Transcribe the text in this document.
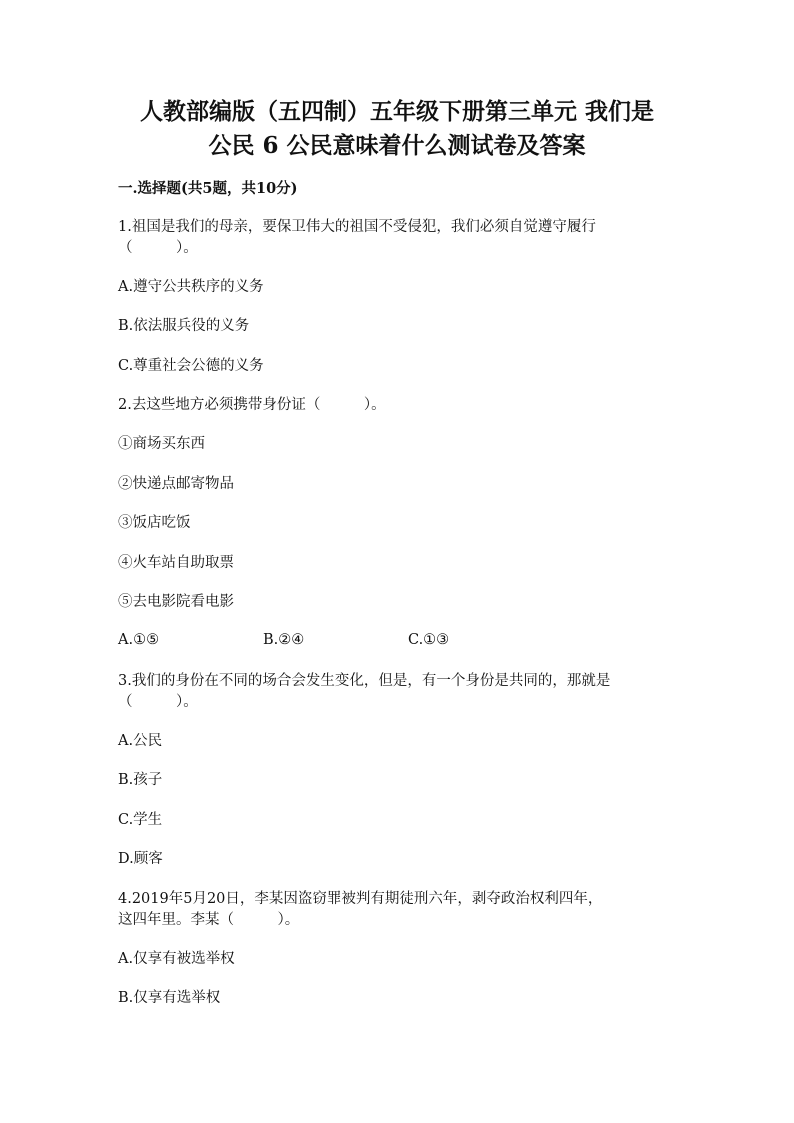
人教部编版（五四制）五年级下册第三单元 我们是
公民 6 公民意味着什么测试卷及答案

一.选择题(共5题，共10分)

1.祖国是我们的母亲，要保卫伟大的祖国不受侵犯，我们必须自觉遵守履行

（　　　）。

A.遵守公共秩序的义务

B.依法服兵役的义务

C.尊重社会公德的义务

2.去这些地方必须携带身份证（　　　）。

①商场买东西

②快递点邮寄物品

③饭店吃饭

④火车站自助取票

⑤去电影院看电影

A.①⑤	B.②④	C.①③

3.我们的身份在不同的场合会发生变化，但是，有一个身份是共同的，那就是

（　　　）。

A.公民

B.孩子

C.学生

D.顾客

4.2019年5月20日，李某因盗窃罪被判有期徒刑六年，剥夺政治权利四年，

这四年里。李某（　　　）。

A.仅享有被选举权

B.仅享有选举权
